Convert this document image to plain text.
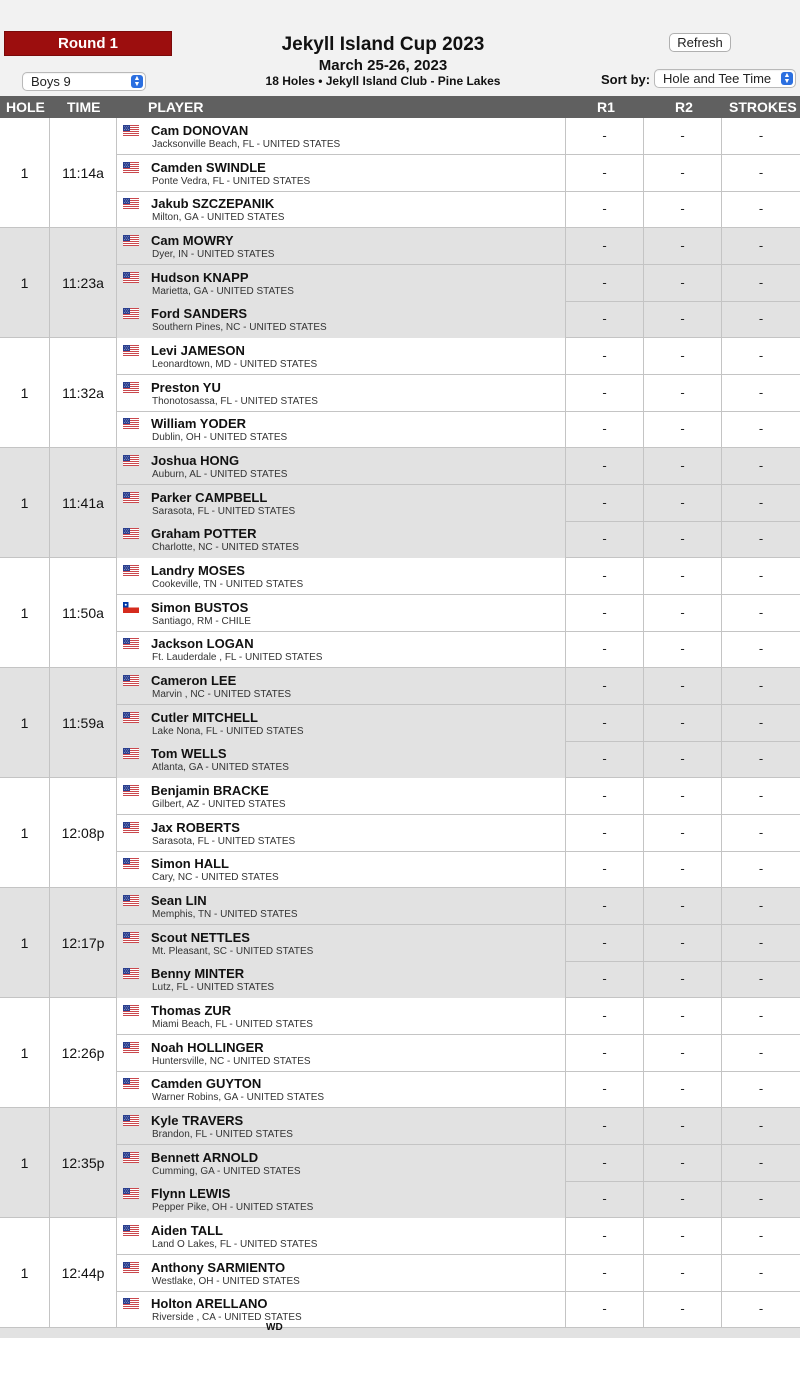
Round 1
Boys 9	▲
▼
Jekyll Island Cup 2023
March 25-26, 2023
18 Holes • Jekyll Island Club - Pine Lakes
Refresh
Sort by: Hole and Tee Time	▲
▼
HOLE TIME	PLAYER	R1	R2	STROKES
1	11:14a
Cam DONOVAN
Jacksonville Beach, FL - UNITED STATES
-	-	-
Camden SWINDLE
Ponte Vedra, FL - UNITED STATES
-	-	-
Jakub SZCZEPANIK
Milton, GA - UNITED STATES
-	-	-
1	11:23a
Cam MOWRY
Dyer, IN - UNITED STATES
-	-	-
Hudson KNAPP
Marietta, GA - UNITED STATES
-	-	-
Ford SANDERS
Southern Pines, NC - UNITED STATES
-	-	-
1	11:32a
Levi JAMESON
Leonardtown, MD - UNITED STATES
-	-	-
Preston YU
Thonotosassa, FL - UNITED STATES
-	-	-
William YODER
Dublin, OH - UNITED STATES
-	-	-
1	11:41a
Joshua HONG
Auburn, AL - UNITED STATES
-	-	-
Parker CAMPBELL
Sarasota, FL - UNITED STATES
-	-	-
Graham POTTER
Charlotte, NC - UNITED STATES
-	-	-
1	11:50a
Landry MOSES
Cookeville, TN - UNITED STATES
-	-	-
Simon BUSTOS
Santiago, RM - CHILE
-	-	-
Jackson LOGAN
Ft. Lauderdale , FL - UNITED STATES
-	-	-
1	11:59a
Cameron LEE
Marvin , NC - UNITED STATES
-	-	-
Cutler MITCHELL
Lake Nona, FL - UNITED STATES
-	-	-
Tom WELLS
Atlanta, GA - UNITED STATES
-	-	-
1	12:08p
Benjamin BRACKE
Gilbert, AZ - UNITED STATES
-	-	-
Jax ROBERTS
Sarasota, FL - UNITED STATES
-	-	-
Simon HALL
Cary, NC - UNITED STATES
-	-	-
1	12:17p
Sean LIN
Memphis, TN - UNITED STATES
-	-	-
Scout NETTLES
Mt. Pleasant, SC - UNITED STATES
-	-	-
Benny MINTER
Lutz, FL - UNITED STATES
-	-	-
1	12:26p
Thomas ZUR
Miami Beach, FL - UNITED STATES
-	-	-
Noah HOLLINGER
Huntersville, NC - UNITED STATES
-	-	-
Camden GUYTON
Warner Robins, GA - UNITED STATES
-	-	-
1	12:35p
Kyle TRAVERS
Brandon, FL - UNITED STATES
-	-	-
Bennett ARNOLD
Cumming, GA - UNITED STATES
-	-	-
Flynn LEWIS
Pepper Pike, OH - UNITED STATES
-	-	-
1	12:44p
Aiden TALL
Land O Lakes, FL - UNITED STATES
-	-	-
Anthony SARMIENTO
Westlake, OH - UNITED STATES
-	-	-
Holton ARELLANO
Riverside , CA - UNITED STATES
-	-	-
WD
